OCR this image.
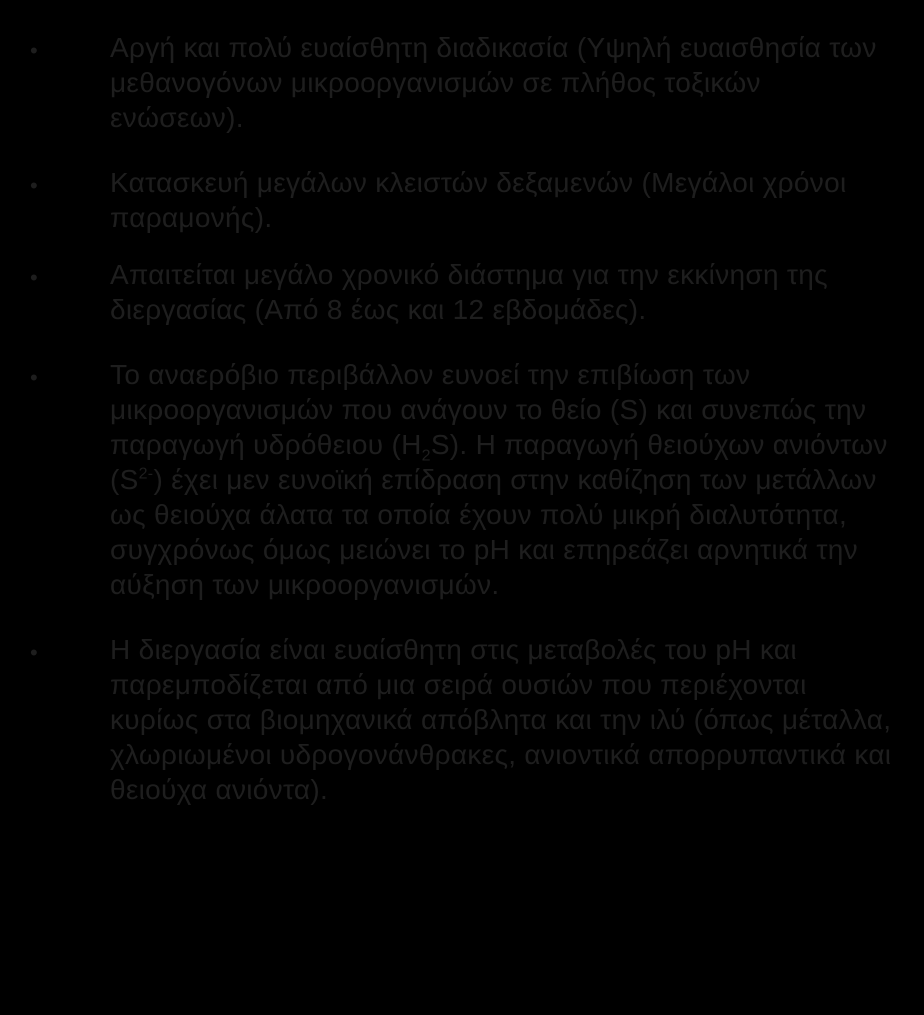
•	Αργή και πολύ ευαίσθητη διαδικασία (Υψηλή ευαισθησία των μεθανογόνων μικροοργανισμών σε πλήθος τοξικών ενώσεων).
•	Κατασκευή μεγάλων κλειστών δεξαμενών (Μεγάλοι χρόνοι παραμονής).
•	Απαιτείται μεγάλο χρονικό διάστημα για την εκκίνηση της διεργασίας (Από 8 έως και 12 εβδομάδες).
•	Το αναερόβιο περιβάλλον ευνοεί την επιβίωση των μικροοργανισμών που ανάγουν το θείο (S) και συνεπώς την παραγωγή υδρόθειου $(H_2S)$. Η παραγωγή θειούχων ανιόντων $(S^{2-})$ έχει μεν ευνοϊκή επίδραση στην καθίζηση των μετάλλων ως θειούχα άλατα τα οποία έχουν πολύ μικρή διαλυτότητα, συγχρόνως όμως μειώνει το pH και επηρεάζει αρνητικά την αύξηση των μικροοργανισμών.
•	Η διεργασία είναι ευαίσθητη στις μεταβολές του pH και παρεμποδίζεται από μια σειρά ουσιών που περιέχονται κυρίως στα βιομηχανικά απόβλητα και την ιλύ (όπως μέταλλα, χλωριωμένοι υδρογονάνθρακες, ανιοντικά απορρυπαντικά και θειούχα ανιόντα).
